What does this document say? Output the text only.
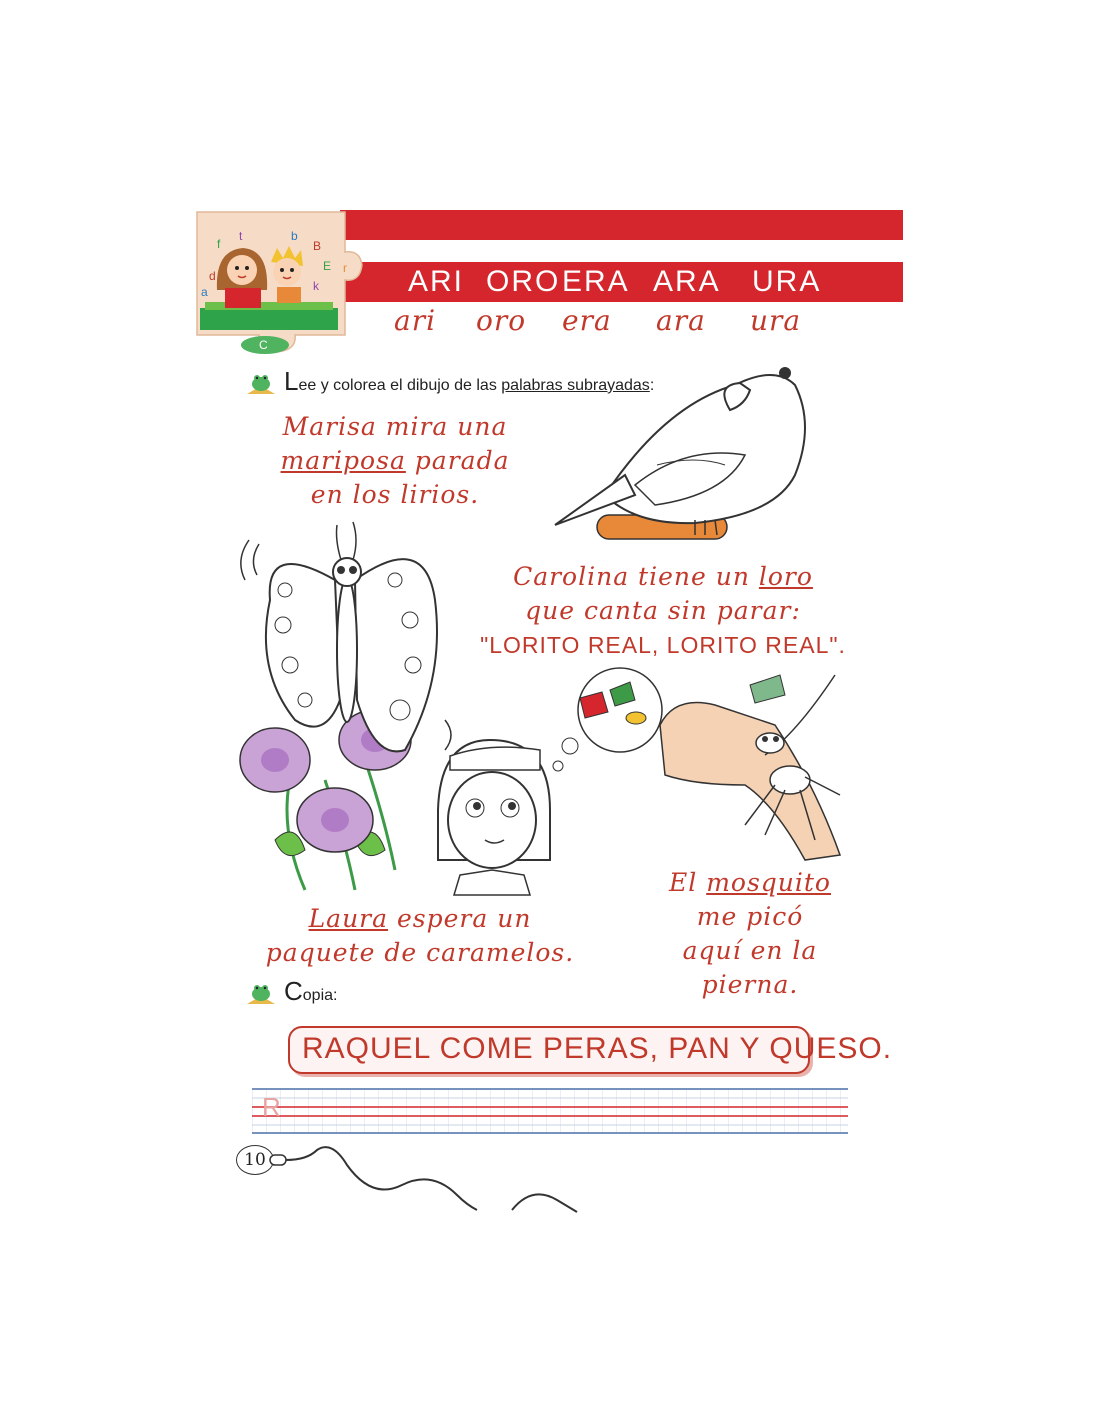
ARI ORO ERA ARA URA
ari oro era ara ura
a
d
f
t	b
B
E r
k
C
Lee y colorea el dibujo de las palabras subrayadas:
Marisa mira una
mariposa parada
en los lirios.
Carolina tiene un loro
que canta sin parar:
"LORITO REAL, LORITO REAL".
Laura espera un
paquete de caramelos.
El mosquito
me picó
aquí en la
pierna.
Copia:
RAQUEL COME PERAS, PAN Y QUESO.
R
10
